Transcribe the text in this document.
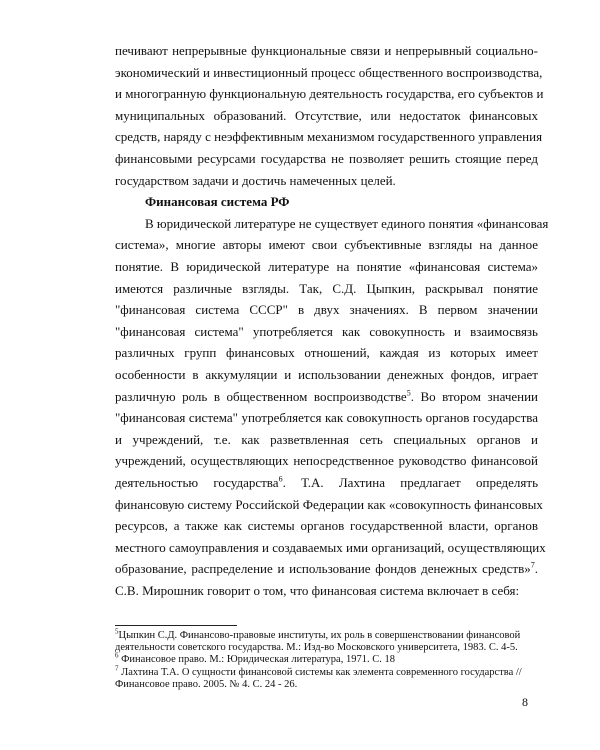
печивают непрерывные функциональные связи и непрерывный социально-
экономический и инвестиционный процесс общественного воспроизводства,
и многогранную функциональную деятельность государства, его субъектов и
муниципальных образований. Отсутствие, или недостаток финансовых
средств, наряду с неэффективным механизмом государственного управления
финансовыми ресурсами государства не позволяет решить стоящие перед
государством задачи и достичь намеченных целей.
Финансовая система РФ
В юридической литературе не существует единого понятия «финансовая
система», многие авторы имеют свои субъективные взгляды на данное
понятие. В юридической литературе на понятие «финансовая система»
имеются различные взгляды. Так, С.Д. Цыпкин, раскрывал понятие
"финансовая система СССР" в двух значениях. В первом значении
"финансовая система" употребляется как совокупность и взаимосвязь
различных групп финансовых отношений, каждая из которых имеет
особенности в аккумуляции и использовании денежных фондов, играет
различную роль в общественном воспроизводстве$^5$. Во втором значении
"финансовая система" употребляется как совокупность органов государства
и учреждений, т.е. как разветвленная сеть специальных органов и
учреждений, осуществляющих непосредственное руководство финансовой
деятельностью государства$^6$. Т.А. Лахтина предлагает определять
финансовую систему Российской Федерации как «совокупность финансовых
ресурсов, а также как системы органов государственной власти, органов
$^5$Цыпкин С.Д. Финансово-правовые институты, их роль в совершенствовании финансовой
деятельности советского государства. М.: Изд-во Московского университета, 1983. С. 4-5.
$^6$ Финансовое право. М.: Юридическая литература, 1971. С. 18
$^7$ Лахтина Т.А. О сущности финансовой системы как элемента современного государства //
Финансовое право. 2005. № 4. С. 24 - 26.
8
местного самоуправления и создаваемых ими организаций, осуществляющих
образование, распределение и использование фондов денежных средств»$^7$.
С.В. Мирошник говорит о том, что финансовая система включает в себя:
